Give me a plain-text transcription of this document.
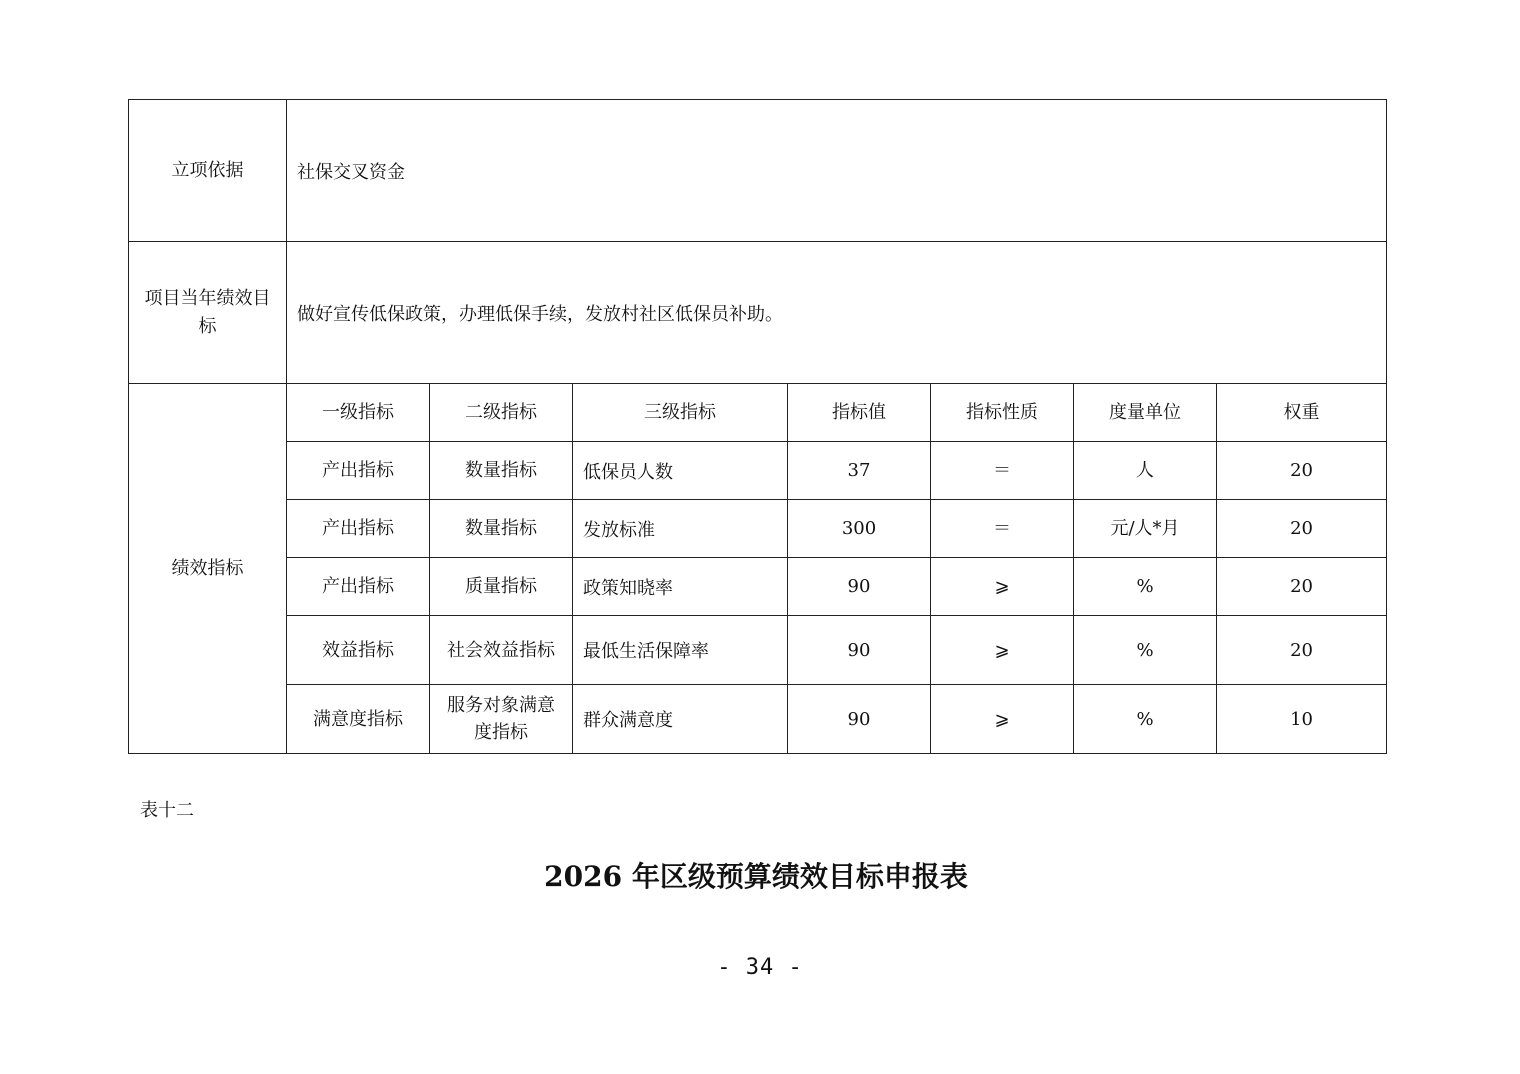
立项依据	社保交叉资金						
项目当年绩效目标	做好宣传低保政策，办理低保手续，发放村社区低保员补助。						
绩效指标	一级指标	二级指标	三级指标	指标值	指标性质	度量单位	权重
	产出指标	数量指标	低保员人数	37	＝	人	20
	产出指标	数量指标	发放标准	300	＝	元/人*月	20
	产出指标	质量指标	政策知晓率	90	⩾	%	20
	效益指标	社会效益指标	最低生活保障率	90	⩾	%	20
	满意度指标	服务对象满意度指标	群众满意度	90	⩾	%	10
表十二
2026 年区级预算绩效目标申报表
- 34 -
